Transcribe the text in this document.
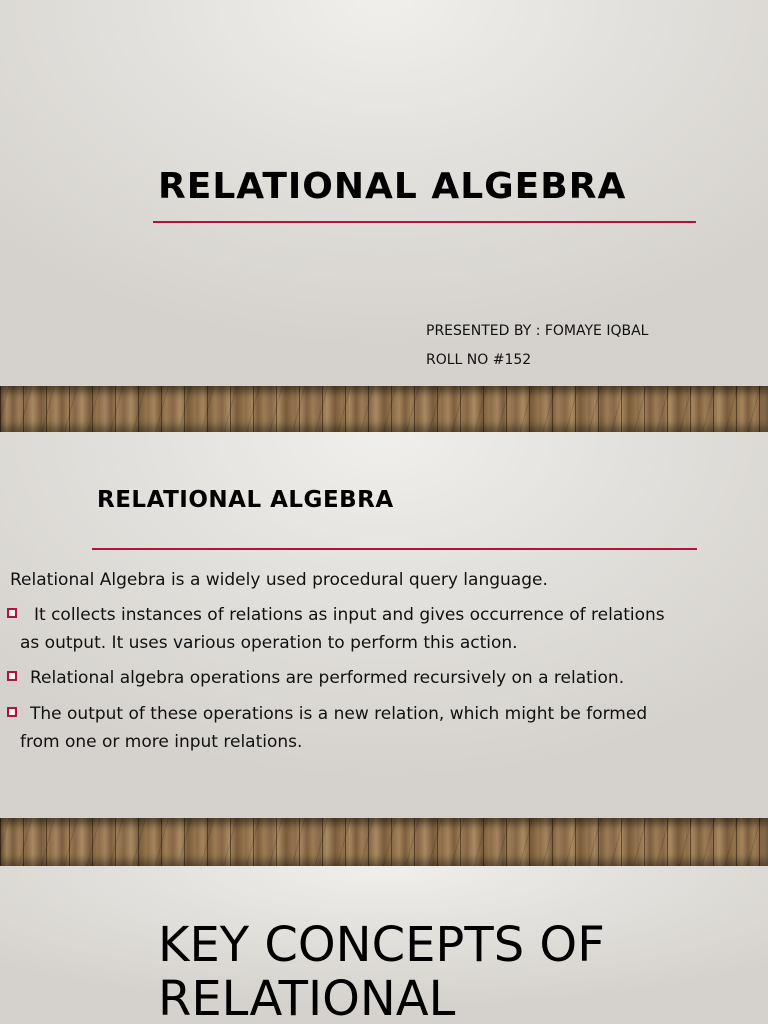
RELATIONAL ALGEBRA
PRESENTED BY : FOMAYE IQBAL
ROLL NO #152
RELATIONAL ALGEBRA
Relational Algebra is a widely used procedural query language.
It collects instances of relations as input and gives occurrence of relations
as output. It uses various operation to perform this action.
Relational algebra operations are performed recursively on a relation.
The output of these operations is a new relation, which might be formed
from one or more input relations.
KEY CONCEPTS OF
RELATIONAL
